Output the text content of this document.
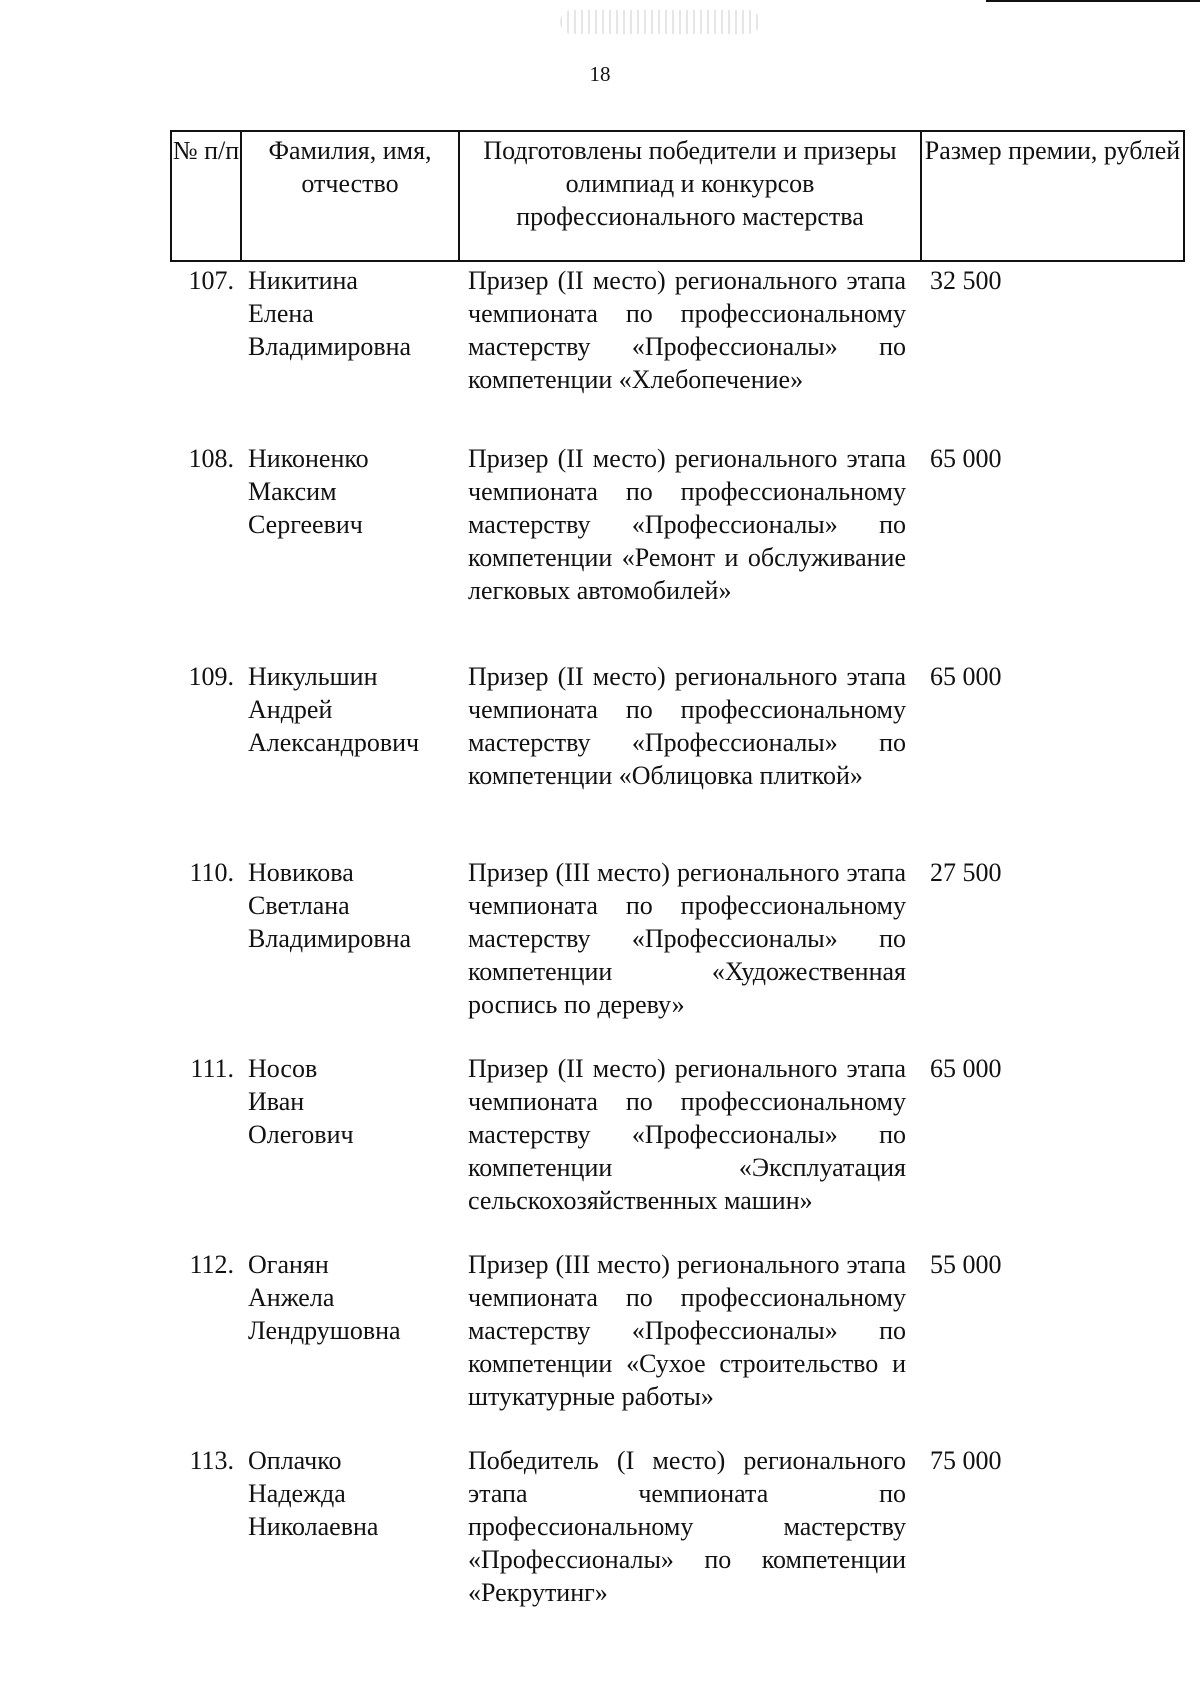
18
№ п/п	Фамилия, имя, отчество
Подготовлены победители и призеры олимпиад и конкурсов профессионального мастерства
Размер премии, рублей
107. Никитина
Елена
Владимировна
Призер (II место) регионального этапа чемпионата по профессиональному мастерству «Профессионалы» по компетенции «Хлебопечение»
32 500
108. Никоненко
Максим
Сергеевич
Призер (II место) регионального этапа чемпионата по профессиональному мастерству «Профессионалы» по компетенции «Ремонт и обслуживание легковых автомобилей»
65 000
109. Никульшин
Андрей
Александрович
Призер (II место) регионального этапа чемпионата по профессиональному мастерству «Профессионалы» по компетенции «Облицовка плиткой»
65 000
110. Новикова
Светлана
Владимировна
Призер (III место) регионального этапа чемпионата по профессиональному мастерству «Профессионалы» по компетенции «Художественная роспись по дереву»
27 500
111. Носов
Иван
Олегович
Призер (II место) регионального этапа чемпионата по профессиональному мастерству «Профессионалы» по компетенции «Эксплуатация сельскохозяйственных машин»
65 000
112. Оганян
Анжела
Лендрушовна
Призер (III место) регионального этапа чемпионата по профессиональному мастерству «Профессионалы» по компетенции «Сухое строительство и штукатурные работы»
55 000
113. Оплачко
Надежда
Николаевна
Победитель (I место) регионального этапа чемпионата по профессиональному мастерству «Профессионалы» по компетенции «Рекрутинг»
75 000
